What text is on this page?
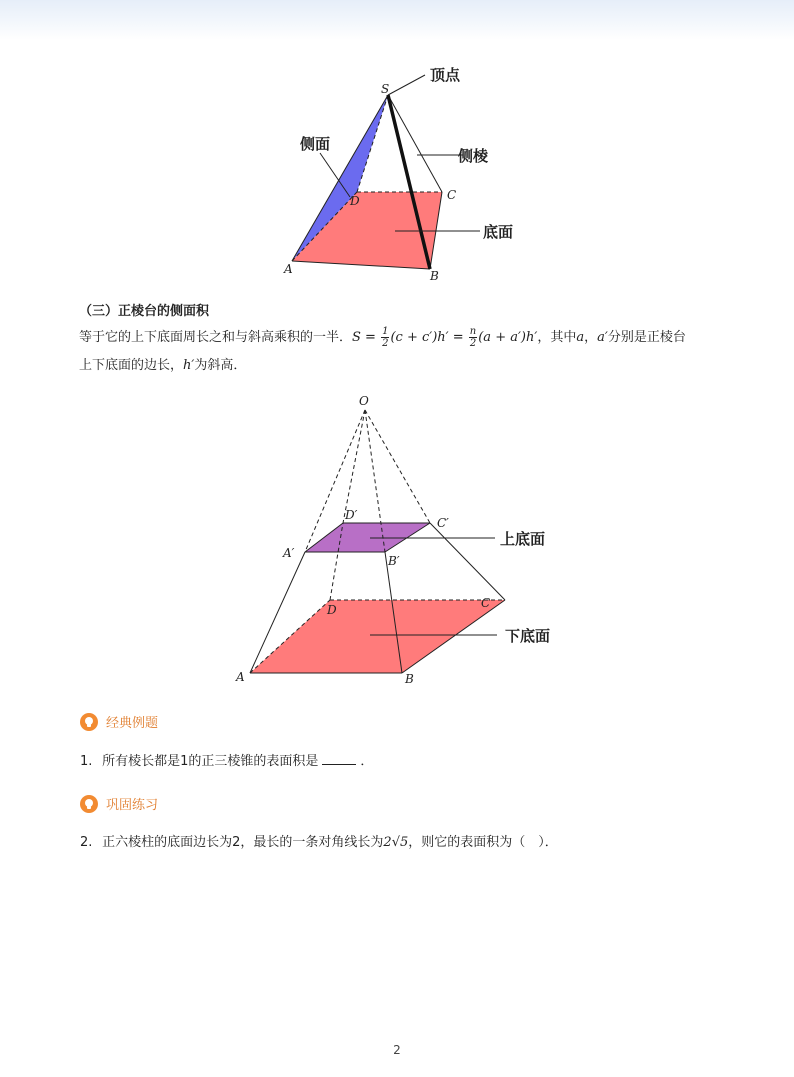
S
A	B
C
D
顶点
侧面
侧棱
底面
（三）正棱台的侧面积
等于它的上下底面周长之和与斜高乘积的一半．$S = \frac{1}{2} (c + c')h' = \frac{n}{2} (a + a')h'$，其中a，a′分别是正棱台
上下底面的边长，h′为斜高．
O
A′
B′
C′
D′
A	B
C
D
上底面
下底面
经典例题
1. 所有棱长都是1的正三棱锥的表面积是	．
巩固练习
2. 正六棱柱的底面边长为2，最长的一条对角线长为2√5，则它的表面积为（　）．
2
